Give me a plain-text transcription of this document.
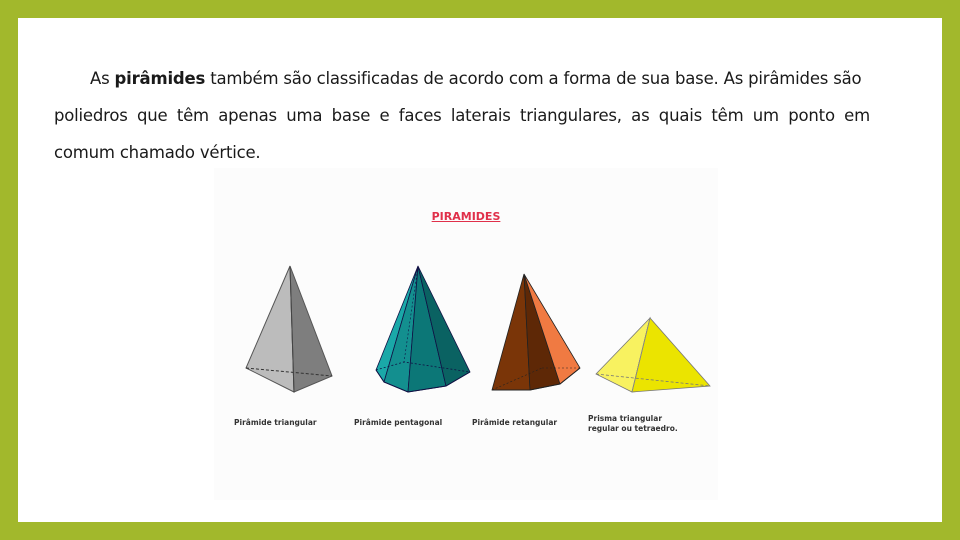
As pirâmides também são classificadas de acordo com a forma de sua base. As pirâmides são
poliedros que têm apenas uma base e faces laterais triangulares, as quais têm um ponto em
comum chamado vértice.
PIRAMIDES
Pirâmide triangular	Pirâmide pentagonal	Pirâmide retangular	Prisma triangular
regular ou tetraedro.
